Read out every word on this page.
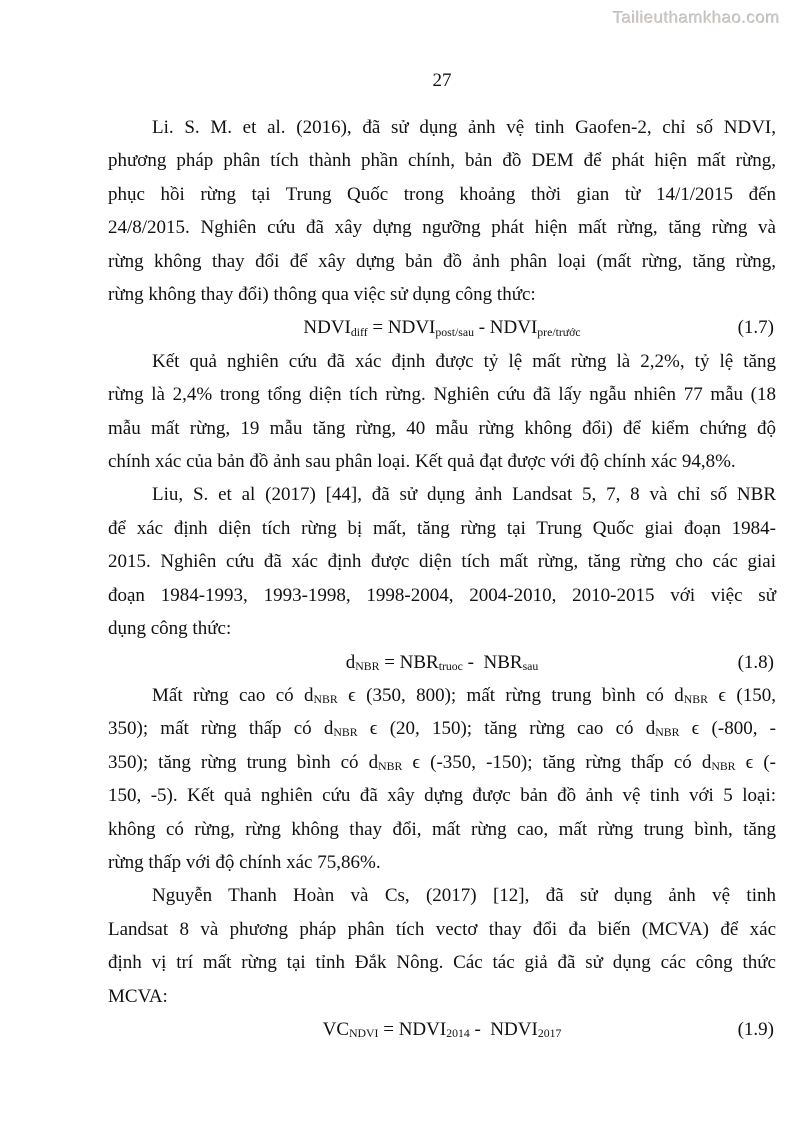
Tailieuthamkhao.com
27
Li. S. M. et al. (2016), đã sử dụng ảnh vệ tinh Gaofen-2, chỉ số NDVI,
phương pháp phân tích thành phần chính, bản đồ DEM để phát hiện mất rừng,
phục hồi rừng tại Trung Quốc trong khoảng thời gian từ 14/1/2015 đến
24/8/2015. Nghiên cứu đã xây dựng ngưỡng phát hiện mất rừng, tăng rừng và
rừng không thay đổi để xây dựng bản đồ ảnh phân loại (mất rừng, tăng rừng,
rừng không thay đổi) thông qua việc sử dụng công thức:
$NDVI_{diff}$ = $NDVI_{post/sau}$ - $NDVI_{pre/trước}$	(1.7)
Kết quả nghiên cứu đã xác định được tỷ lệ mất rừng là 2,2%, tỷ lệ tăng
rừng là 2,4% trong tổng diện tích rừng. Nghiên cứu đã lấy ngẫu nhiên 77 mẫu (18
mẫu mất rừng, 19 mẫu tăng rừng, 40 mẫu rừng không đổi) để kiểm chứng độ
chính xác của bản đồ ảnh sau phân loại. Kết quả đạt được với độ chính xác 94,8%.
Liu, S. et al (2017) [44], đã sử dụng ảnh Landsat 5, 7, 8 và chỉ số NBR
để xác định diện tích rừng bị mất, tăng rừng tại Trung Quốc giai đoạn 1984-
2015. Nghiên cứu đã xác định được diện tích mất rừng, tăng rừng cho các giai
đoạn 1984-1993, 1993-1998, 1998-2004, 2004-2010, 2010-2015 với việc sử
dụng công thức:
$d_{NBR} = NBR_{truoc} - NBR_{sau}$	(1.8)
Mất rừng cao có $d_{NBR}$ ϵ (350, 800); mất rừng trung bình có $d_{NBR}$ ϵ (150,
350); mất rừng thấp có $d_{NBR}$ ϵ (20, 150); tăng rừng cao có $d_{NBR}$ ϵ (-800, -
350); tăng rừng trung bình có $d_{NBR}$ ϵ (-350, -150); tăng rừng thấp có $d_{NBR}$ ϵ (-
150, -5). Kết quả nghiên cứu đã xây dựng được bản đồ ảnh vệ tinh với 5 loại:
không có rừng, rừng không thay đổi, mất rừng cao, mất rừng trung bình, tăng
rừng thấp với độ chính xác 75,86%.
Nguyễn Thanh Hoàn và Cs, (2017) [12], đã sử dụng ảnh vệ tinh
Landsat 8 và phương pháp phân tích vectơ thay đổi đa biến (MCVA) để xác
định vị trí mất rừng tại tỉnh Đắk Nông. Các tác giả đã sử dụng các công thức
MCVA:
$VC_{NDVI}$ = $NDVI_{2014}$ -  $NDVI_{2017}$	(1.9)
